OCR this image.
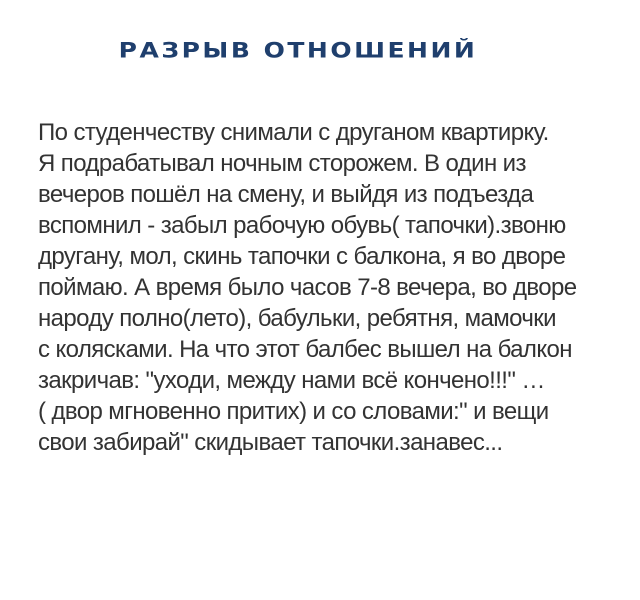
РАЗРЫВ ОТНОШЕНИЙ

По студенчеству снимали с друганом квартирку.
Я подрабатывал ночным сторожем. В один из
вечеров пошёл на смену, и выйдя из подъезда
вспомнил - забыл рабочую обувь( тапочки).звоню
другану, мол, скинь тапочки с балкона, я во дворе
поймаю. А время было часов 7-8 вечера, во дворе
народу полно(лето), бабульки, ребятня, мамочки
с колясками. На что этот балбес вышел на балкон
закричав: "уходи, между нами всё кончено!!!" …
( двор мгновенно притих) и со словами:" и вещи
свои забирай" скидывает тапочки.занавес...
